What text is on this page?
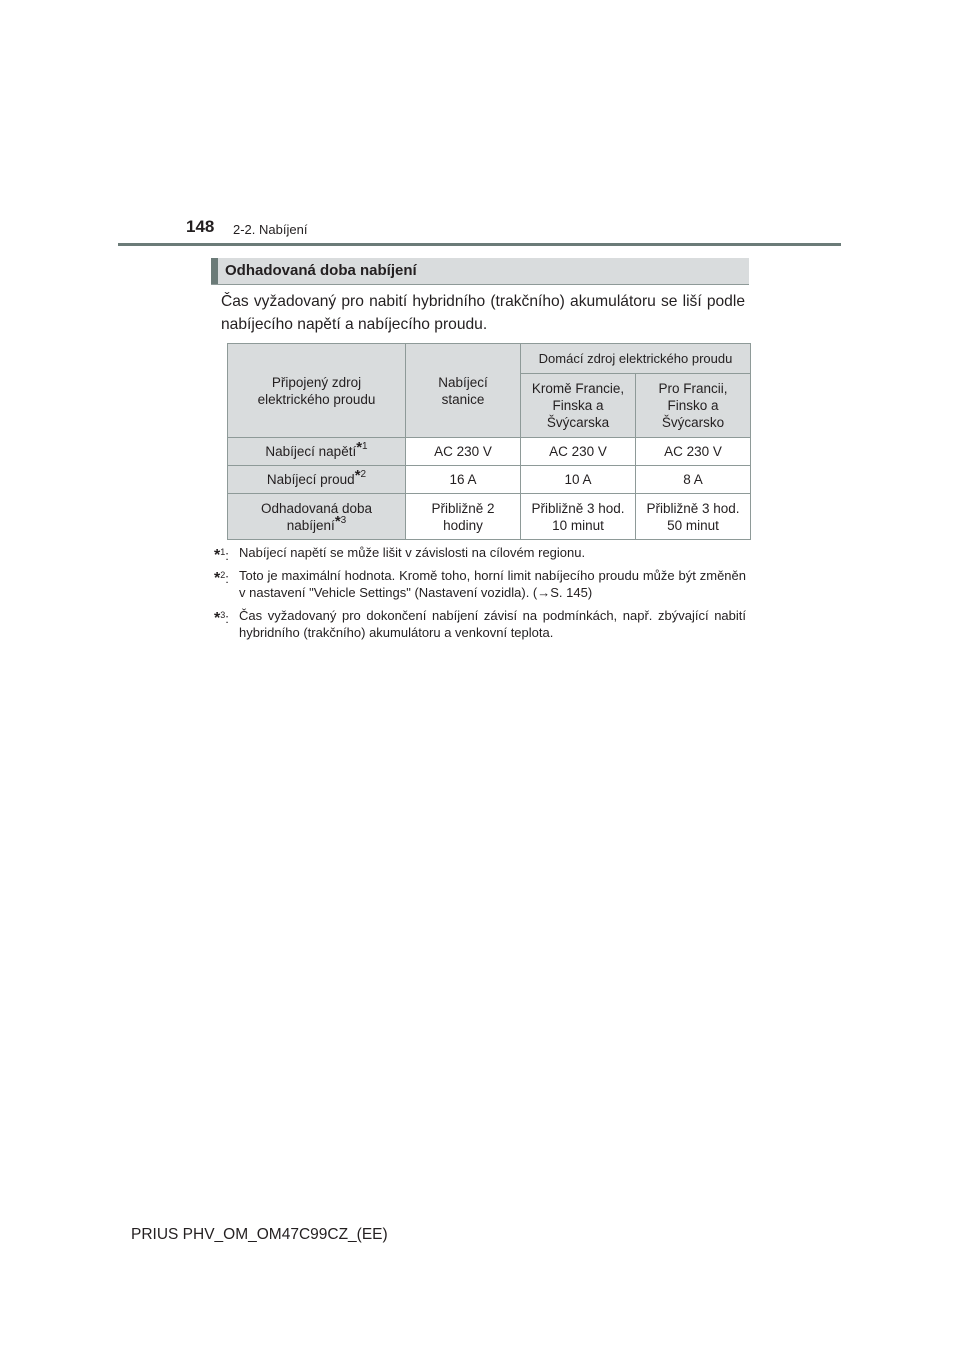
148 2-2. Nabíjení
Odhadovaná doba nabíjení

Čas vyžadovaný pro nabití hybridního (trakčního) akumulátoru se liší podle nabíjecího napětí a nabíjecího proudu.

Připojený zdroj elektrického proudu	Nabíjecí stanice	Domácí zdroj elektrického proudu	

		Kromě Francie, Finska a Švýcarska	Pro Francii, Finsko a Švýcarsko

Nabíjecí napětí$^{*^1}$	AC 230 V	AC 230 V	AC 230 V
Nabíjecí proud$^{*^2}$	16 A	10 A	8 A

Odhadovaná doba nabíjení$^{*^3}$	Přibližně 2 hodiny	Přibližně 3 hod. 10 minut	Přibližně 3 hod. 50 minut
*$^1$: Nabíjecí napětí se může lišit v závislosti na cílovém regionu.
*$^2$: Toto je maximální hodnota. Kromě toho, horní limit nabíjecího proudu může být změněn v nastavení "Vehicle Settings" (Nastavení vozidla). (→S. 145)
*$^3$: Čas vyžadovaný pro dokončení nabíjení závisí na podmínkách, např. zbývající nabití hybridního (trakčního) akumulátoru a venkovní teplota.
PRIUS PHV_OM_OM47C99CZ_(EE)
